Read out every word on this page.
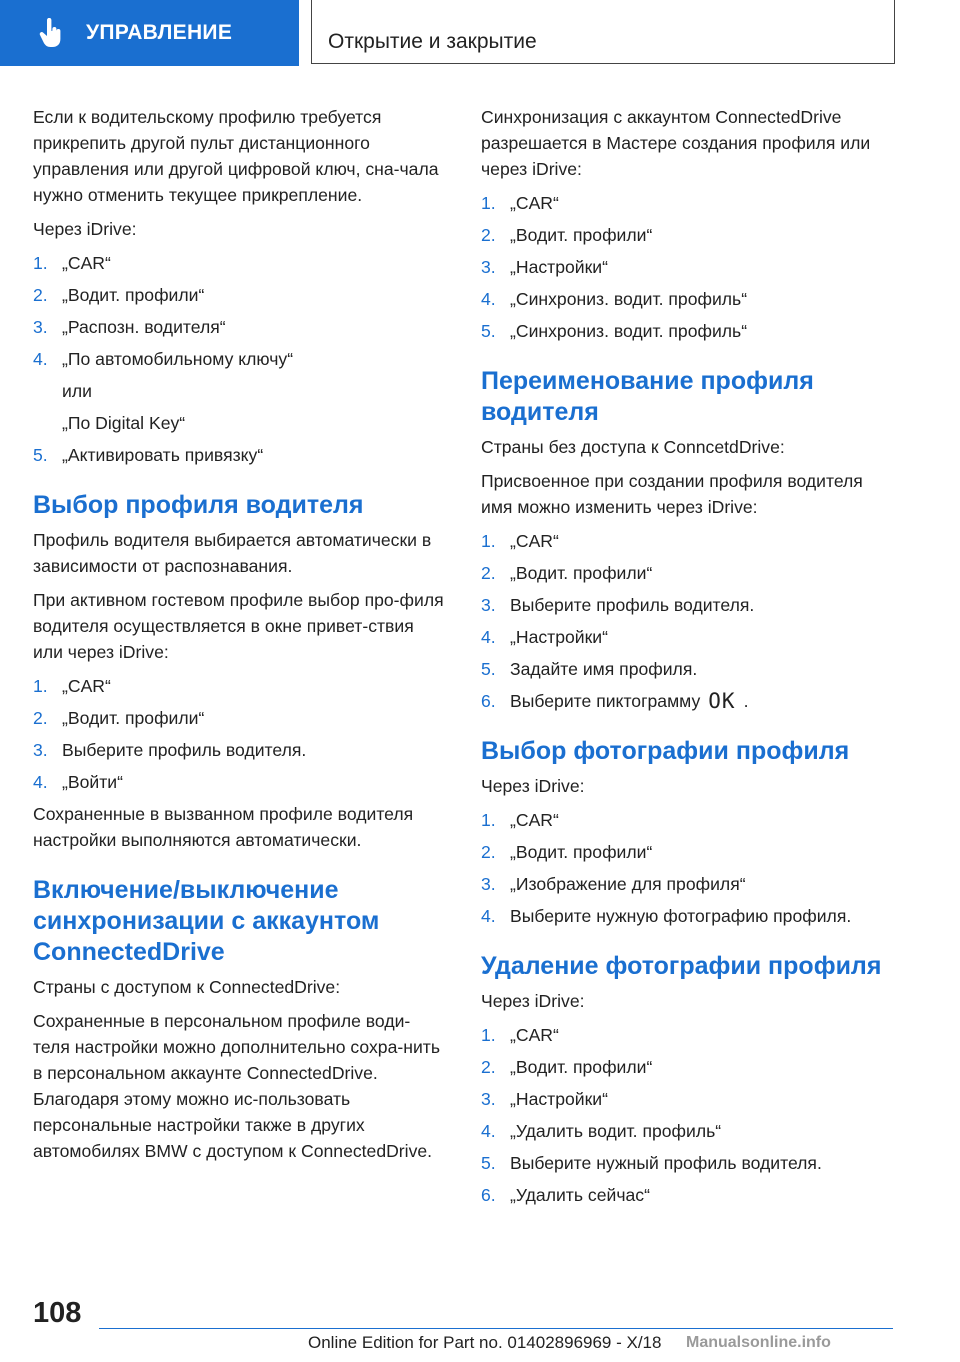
УПРАВЛЕНИЕ	Открытие и закрытие

Если к водительскому профилю требуется прикрепить другой пульт дистанционного управления или другой цифровой ключ, сна-чала нужно отменить текущее прикрепление.

Через iDrive:

1. „CAR“
2. „Водит. профили“
3. „Распозн. водителя“
4. „По автомобильному ключу“
или
„По Digital Key“
5. „Активировать привязку“
Выбор профиля водителя

Профиль водителя выбирается автоматически в зависимости от распознавания.

При активном гостевом профиле выбор про-филя водителя осуществляется в окне привет-ствия или через iDrive:

1. „CAR“
2. „Водит. профили“
3. Выберите профиль водителя.
4. „Войти“

Сохраненные в вызванном профиле водителя настройки выполняются автоматически.

Включение/выключение синхронизации с аккаунтом ConnectedDrive

Страны с доступом к ConnectedDrive:

Сохраненные в персональном профиле води-теля настройки можно дополнительно сохра-нить в персональном аккаунте ConnectedDrive. Благодаря этому можно ис-пользовать персональные настройки также в других автомобилях BMW с доступом к ConnectedDrive.

Синхронизация с аккаунтом ConnectedDrive разрешается в Мастере создания профиля или через iDrive:

1. „CAR“
2. „Водит. профили“
3. „Настройки“
4. „Синхрониз. водит. профиль“
5. „Синхрониз. водит. профиль“
Переименование профиля водителя

Страны без доступа к ConncetdDrive:

Присвоенное при создании профиля водителя имя можно изменить через iDrive:

1. „CAR“
2. „Водит. профили“
3. Выберите профиль водителя.
4. „Настройки“
5. Задайте имя профиля.
6. Выберите пиктограмму OK .
Выбор фотографии профиля

Через iDrive:

1. „CAR“
2. „Водит. профили“
3. „Изображение для профиля“
4. Выберите нужную фотографию профиля.
Удаление фотографии профиля

Через iDrive:

1. „CAR“
2. „Водит. профили“
3. „Настройки“
4. „Удалить водит. профиль“
5. Выберите нужный профиль водителя.
6. „Удалить сейчас“
108
Online Edition for Part no. 01402896969 - X/18 Manualsonline.info
